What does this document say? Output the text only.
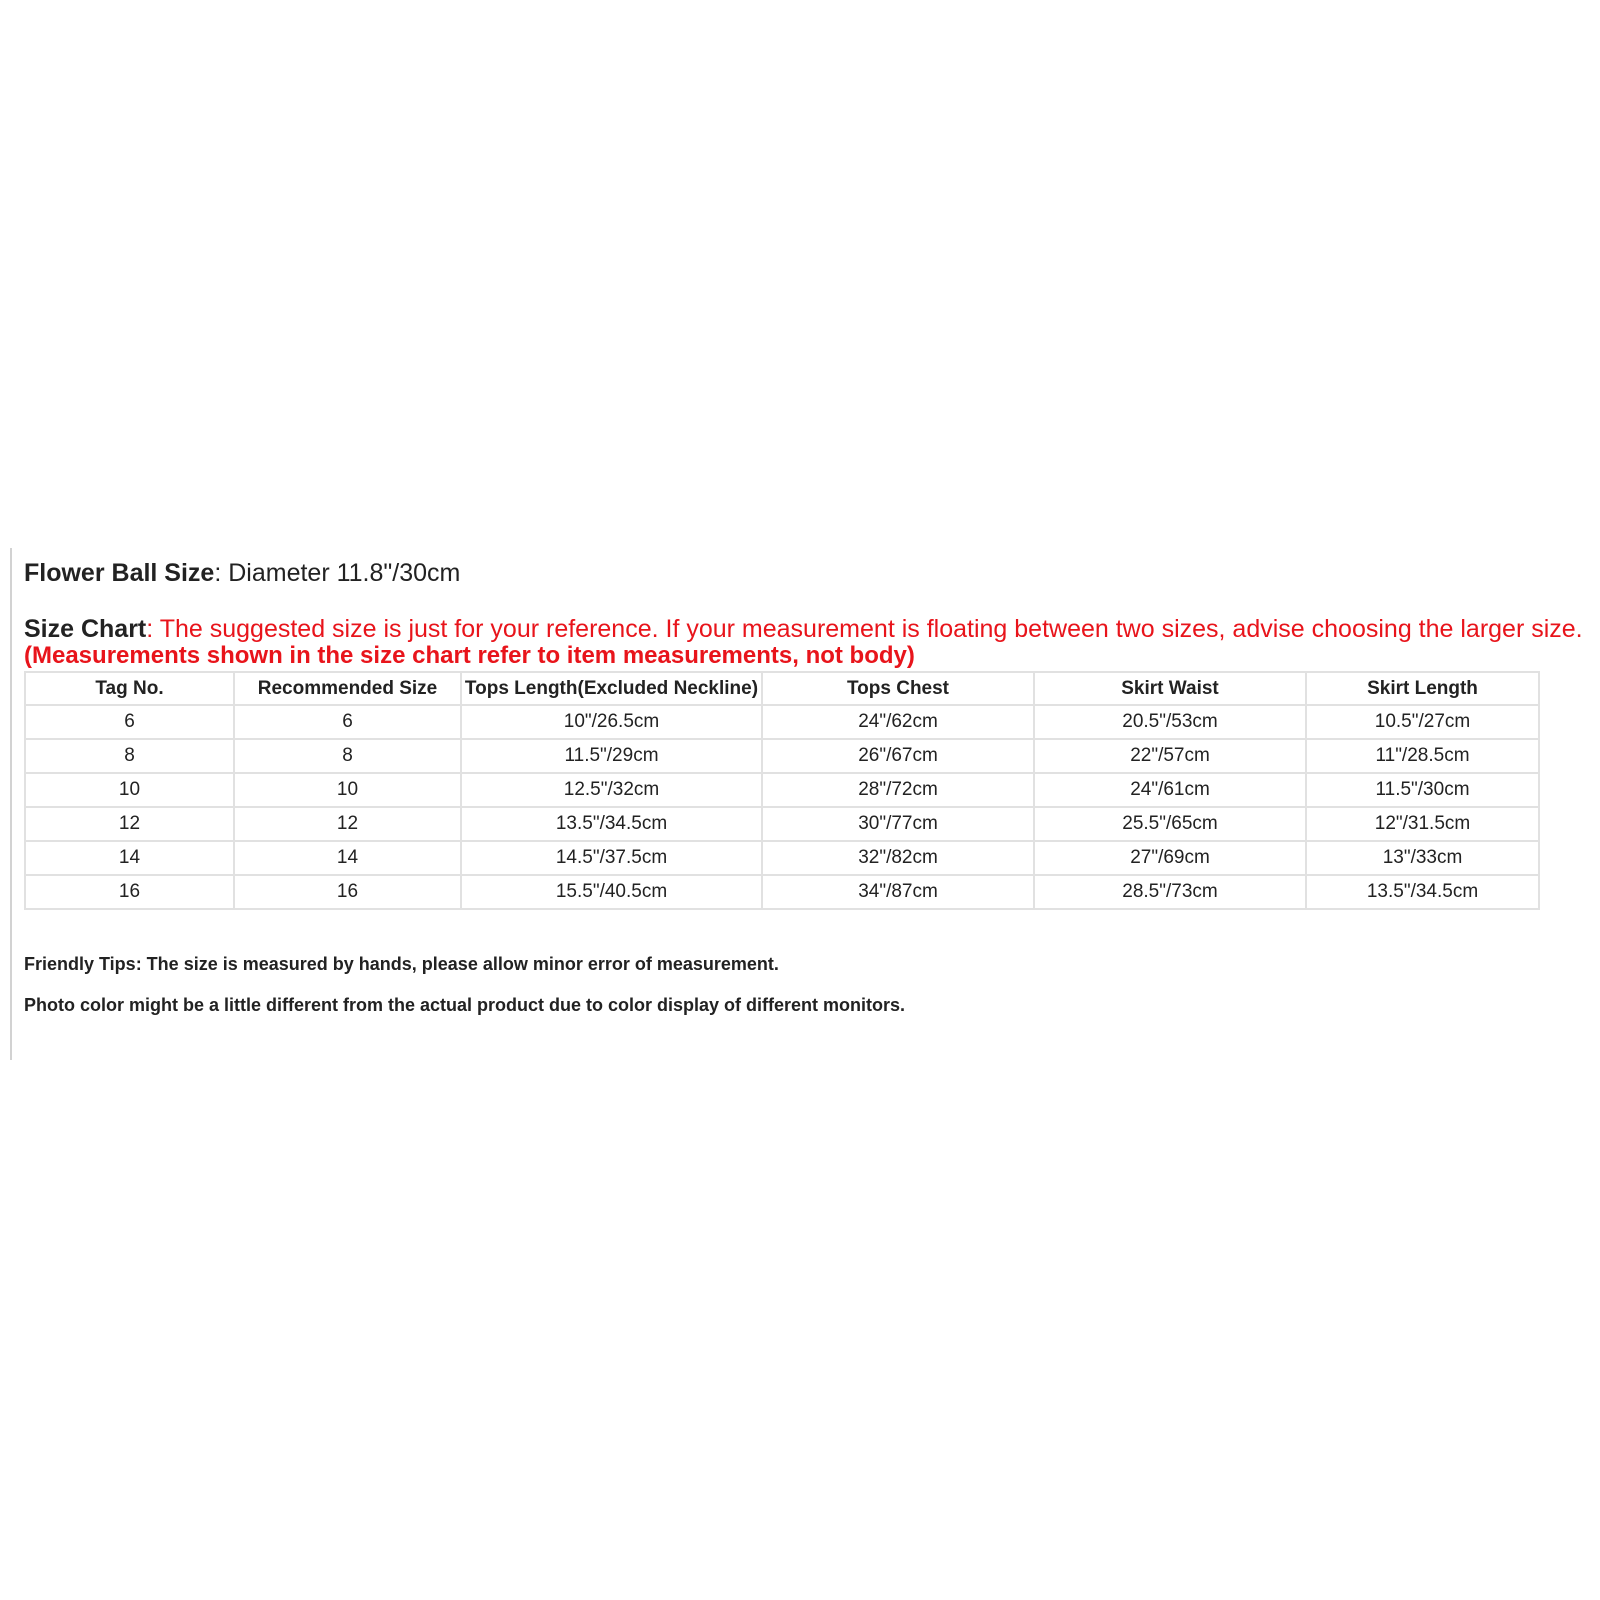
Flower Ball Size: Diameter 11.8"/30cm
Size Chart: The suggested size is just for your reference. If your measurement is floating between two sizes, advise choosing the larger size.
(Measurements shown in the size chart refer to item measurements, not body)
Tag No.	Recommended Size	Tops Length(Excluded Neckline)	Tops Chest	Skirt Waist	Skirt Length
6	6	10"/26.5cm	24"/62cm	20.5"/53cm	10.5"/27cm
8	8	11.5"/29cm	26"/67cm	22"/57cm	11"/28.5cm
10	10	12.5"/32cm	28"/72cm	24"/61cm	11.5"/30cm
12	12	13.5"/34.5cm	30"/77cm	25.5"/65cm	12"/31.5cm
14	14	14.5"/37.5cm	32"/82cm	27"/69cm	13"/33cm
16	16	15.5"/40.5cm	34"/87cm	28.5"/73cm	13.5"/34.5cm
Friendly Tips: The size is measured by hands, please allow minor error of measurement.
Photo color might be a little different from the actual product due to color display of different monitors.
